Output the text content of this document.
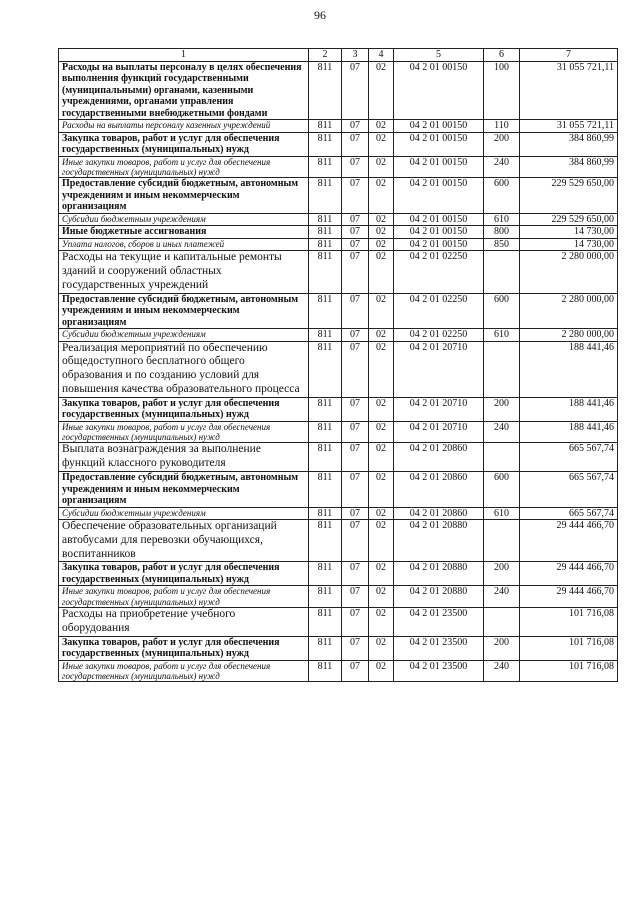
96
1	2	3	4	5	6	7
Расходы на выплаты персоналу в целях обеспечения выполнения функций государственными (муниципальными) органами, казенными учреждениями, органами управления государственными внебюджетными фондами	811	07	02	04 2 01 00150	100	31 055 721,11
Расходы на выплаты персоналу казенных учреждений	811	07	02	04 2 01 00150	110	31 055 721,11
Закупка товаров, работ и услуг для обеспечения государственных (муниципальных) нужд	811	07	02	04 2 01 00150	200	384 860,99
Иные закупки товаров, работ и услуг для обеспечения государственных (муниципальных) нужд	811	07	02	04 2 01 00150	240	384 860,99
Предоставление субсидий бюджетным, автономным учреждениям и иным некоммерческим организациям	811	07	02	04 2 01 00150	600	229 529 650,00
Субсидии бюджетным учреждениям	811	07	02	04 2 01 00150	610	229 529 650,00
Иные бюджетные ассигнования	811	07	02	04 2 01 00150	800	14 730,00
Уплата налогов, сборов и иных платежей	811	07	02	04 2 01 00150	850	14 730,00
Расходы на текущие и капитальные ремонты зданий и сооружений областных государственных учреждений	811	07	02	04 2 01 02250		2 280 000,00
Предоставление субсидий бюджетным, автономным учреждениям и иным некоммерческим организациям	811	07	02	04 2 01 02250	600	2 280 000,00
Субсидии бюджетным учреждениям	811	07	02	04 2 01 02250	610	2 280 000,00
Реализация мероприятий по обеспечению общедоступного бесплатного общего образования и по созданию условий для повышения качества образовательного процесса	811	07	02	04 2 01 20710		188 441,46
Закупка товаров, работ и услуг для обеспечения государственных (муниципальных) нужд	811	07	02	04 2 01 20710	200	188 441,46
Иные закупки товаров, работ и услуг для обеспечения государственных (муниципальных) нужд	811	07	02	04 2 01 20710	240	188 441,46
Выплата вознаграждения за выполнение функций классного руководителя	811	07	02	04 2 01 20860		665 567,74
Предоставление субсидий бюджетным, автономным учреждениям и иным некоммерческим организациям	811	07	02	04 2 01 20860	600	665 567,74
Субсидии бюджетным учреждениям	811	07	02	04 2 01 20860	610	665 567,74
Обеспечение образовательных организаций автобусами для перевозки обучающихся, воспитанников	811	07	02	04 2 01 20880		29 444 466,70
Закупка товаров, работ и услуг для обеспечения государственных (муниципальных) нужд	811	07	02	04 2 01 20880	200	29 444 466,70
Иные закупки товаров, работ и услуг для обеспечения государственных (муниципальных) нужд	811	07	02	04 2 01 20880	240	29 444 466,70
Расходы на приобретение учебного оборудования	811	07	02	04 2 01 23500		101 716,08
Закупка товаров, работ и услуг для обеспечения государственных (муниципальных) нужд	811	07	02	04 2 01 23500	200	101 716,08
Иные закупки товаров, работ и услуг для обеспечения государственных (муниципальных) нужд	811	07	02	04 2 01 23500	240	101 716,08
